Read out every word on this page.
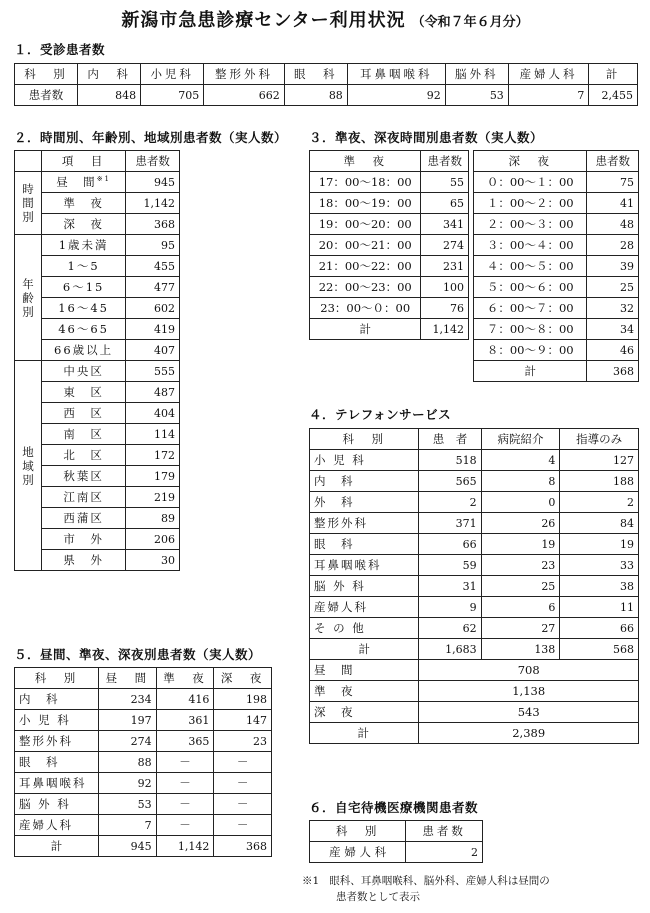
新潟市急患診療センター利用状況 （令和７年６月分）
１．受診患者数
科　別	内　科	小児科	整形外科	眼　科	耳鼻咽喉科	脳外科	産婦人科	計
患者数	848	705	662	88	92	53	7	2,455
２．時間別、年齢別、地域別患者数（実人数）
	項　目	患者数

時
間
別	昼　間$^{※1}$	945
	準　夜	1,142
	深　夜	368

年
齢
別	1歳未満	95
	1～5	455
	6～15	477
	16～45	602
	46～65	419
	66歳以上	407

地
域
別	中央区	555
	東　区	487
	西　区	404
	南　区	114
	北　区	172
	秋葉区	179
	江南区	219
	西蒲区	89
	市　外	206
	県　外	30
３．準夜、深夜時間別患者数（実人数）
準　夜	患者数
17：00～18：00	55
18：00～19：00	65
19：00～20：00	341
20：00～21：00	274
21：00～22：00	231
22：00～23：00	100
23：00～０：00	76
計	1,142
深　夜	患者数
０：00～１：00	75
１：00～２：00	41
２：00～３：00	48
３：00～４：00	28
４：00～５：00	39
５：00～６：00	25
６：00～７：00	32
７：00～８：00	34
８：00～９：00	46
計	368
４．テレフォンサービス
科　別	患　者	病院紹介	指導のみ
小 児 科	518	4	127
内　科	565	8	188
外　科	2	0	2
整形外科	371	26	84
眼　科	66	19	19
耳鼻咽喉科	59	23	33
脳 外 科	31	25	38
産婦人科	9	6	11
そ の 他	62	27	66
計	1,683	138	568
昼　間	708		
準　夜	1,138		
深　夜	543		
計	2,389		
５．昼間、準夜、深夜別患者数（実人数）
科　別	昼　間	準　夜	深　夜
内　科	234	416	198
小 児 科	197	361	147
整形外科	274	365	23
眼　科	88	－	－
耳鼻咽喉科	92	－	－
脳 外 科	53	－	－
産婦人科	7	－	－
計	945	1,142	368
６．自宅待機医療機関患者数
科　別	患者数
産 婦 人 科	2
※1 眼科、耳鼻咽喉科、脳外科、産婦人科は昼間の
患者数として表示
